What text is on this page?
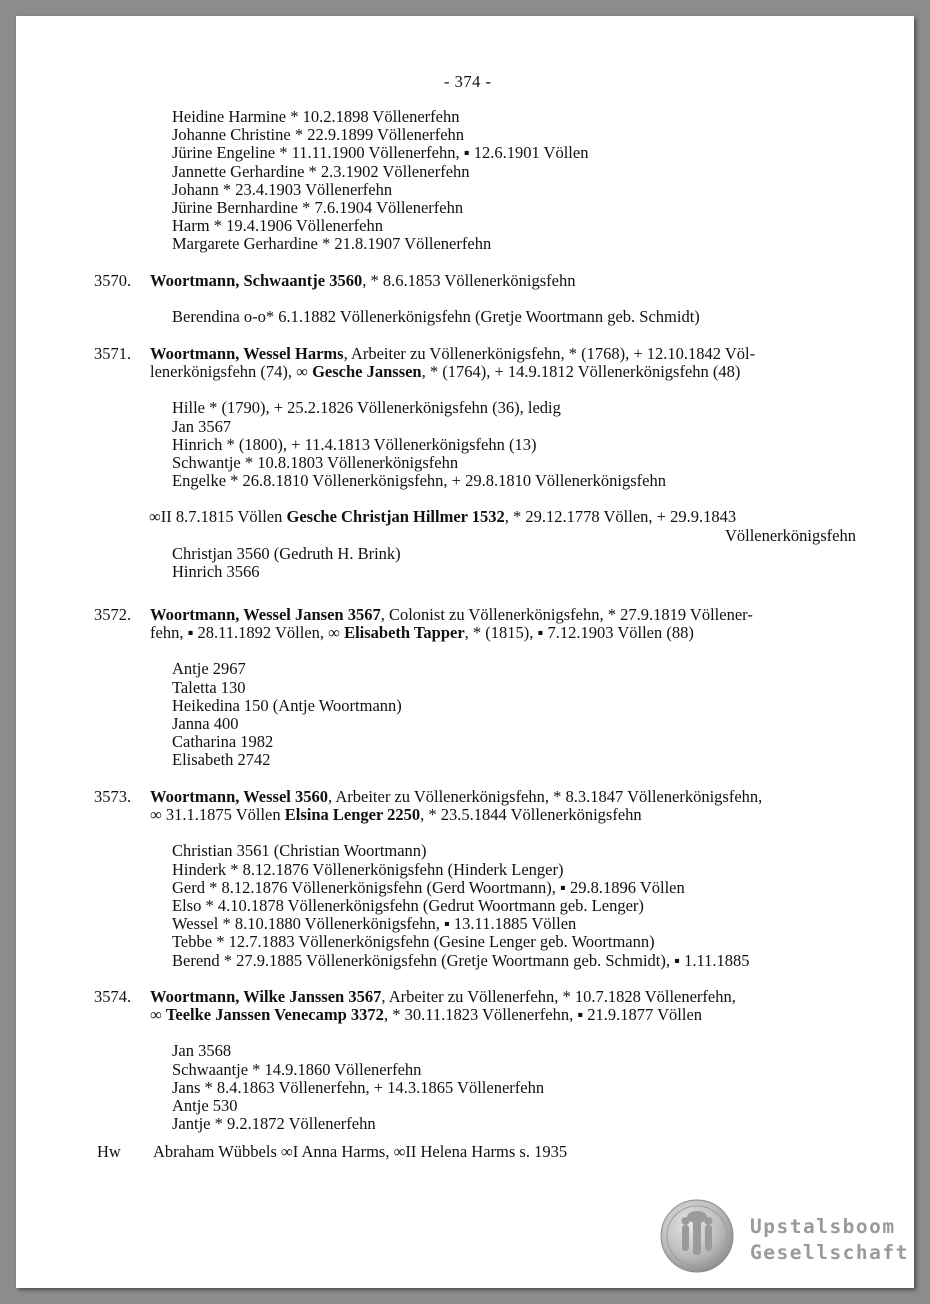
- 374 -
Heidine Harmine * 10.2.1898 Völlenerfehn
Johanne Christine * 22.9.1899 Völlenerfehn
Jürine Engeline * 11.11.1900 Völlenerfehn, ▪ 12.6.1901 Völlen
Jannette Gerhardine * 2.3.1902 Völlenerfehn
Johann * 23.4.1903 Völlenerfehn
Jürine Bernhardine * 7.6.1904 Völlenerfehn
Harm * 19.4.1906 Völlenerfehn
Margarete Gerhardine * 21.8.1907 Völlenerfehn
3570. Woortmann, Schwaantje 3560, * 8.6.1853 Völlenerkönigsfehn
Berendina o-o* 6.1.1882 Völlenerkönigsfehn (Gretje Woortmann geb. Schmidt)
3571. Woortmann, Wessel Harms, Arbeiter zu Völlenerkönigsfehn, * (1768), + 12.10.1842 Völ-
lenerkönigsfehn (74), ∞ Gesche Janssen, * (1764), + 14.9.1812 Völlenerkönigsfehn (48)
Hille * (1790), + 25.2.1826 Völlenerkönigsfehn (36), ledig
Jan 3567
Hinrich * (1800), + 11.4.1813 Völlenerkönigsfehn (13)
Schwantje * 10.8.1803 Völlenerkönigsfehn
Engelke * 26.8.1810 Völlenerkönigsfehn, + 29.8.1810 Völlenerkönigsfehn
∞II 8.7.1815 Völlen Gesche Christjan Hillmer 1532, * 29.12.1778 Völlen, + 29.9.1843
Völlenerkönigsfehn
Christjan 3560 (Gedruth H. Brink)
Hinrich 3566
3572. Woortmann, Wessel Jansen 3567, Colonist zu Völlenerkönigsfehn, * 27.9.1819 Völlener-
fehn, ▪ 28.11.1892 Völlen, ∞ Elisabeth Tapper, * (1815), ▪ 7.12.1903 Völlen (88)
Antje 2967
Taletta 130
Heikedina 150 (Antje Woortmann)
Janna 400
Catharina 1982
Elisabeth 2742
3573. Woortmann, Wessel 3560, Arbeiter zu Völlenerkönigsfehn, * 8.3.1847 Völlenerkönigsfehn,
∞ 31.1.1875 Völlen Elsina Lenger 2250, * 23.5.1844 Völlenerkönigsfehn
Christian 3561 (Christian Woortmann)
Hinderk * 8.12.1876 Völlenerkönigsfehn (Hinderk Lenger)
Gerd * 8.12.1876 Völlenerkönigsfehn (Gerd Woortmann), ▪ 29.8.1896 Völlen
Elso * 4.10.1878 Völlenerkönigsfehn (Gedrut Woortmann geb. Lenger)
Wessel * 8.10.1880 Völlenerkönigsfehn, ▪ 13.11.1885 Völlen
Tebbe * 12.7.1883 Völlenerkönigsfehn (Gesine Lenger geb. Woortmann)
Berend * 27.9.1885 Völlenerkönigsfehn (Gretje Woortmann geb. Schmidt), ▪ 1.11.1885
3574. Woortmann, Wilke Janssen 3567, Arbeiter zu Völlenerfehn, * 10.7.1828 Völlenerfehn,
∞ Teelke Janssen Venecamp 3372, * 30.11.1823 Völlenerfehn, ▪ 21.9.1877 Völlen
Jan 3568
Schwaantje * 14.9.1860 Völlenerfehn
Jans * 8.4.1863 Völlenerfehn, + 14.3.1865 Völlenerfehn
Antje 530
Jantje * 9.2.1872 Völlenerfehn
Hw Abraham Wübbels ∞I Anna Harms, ∞II Helena Harms s. 1935
Upstalsboom
Gesellschaft
